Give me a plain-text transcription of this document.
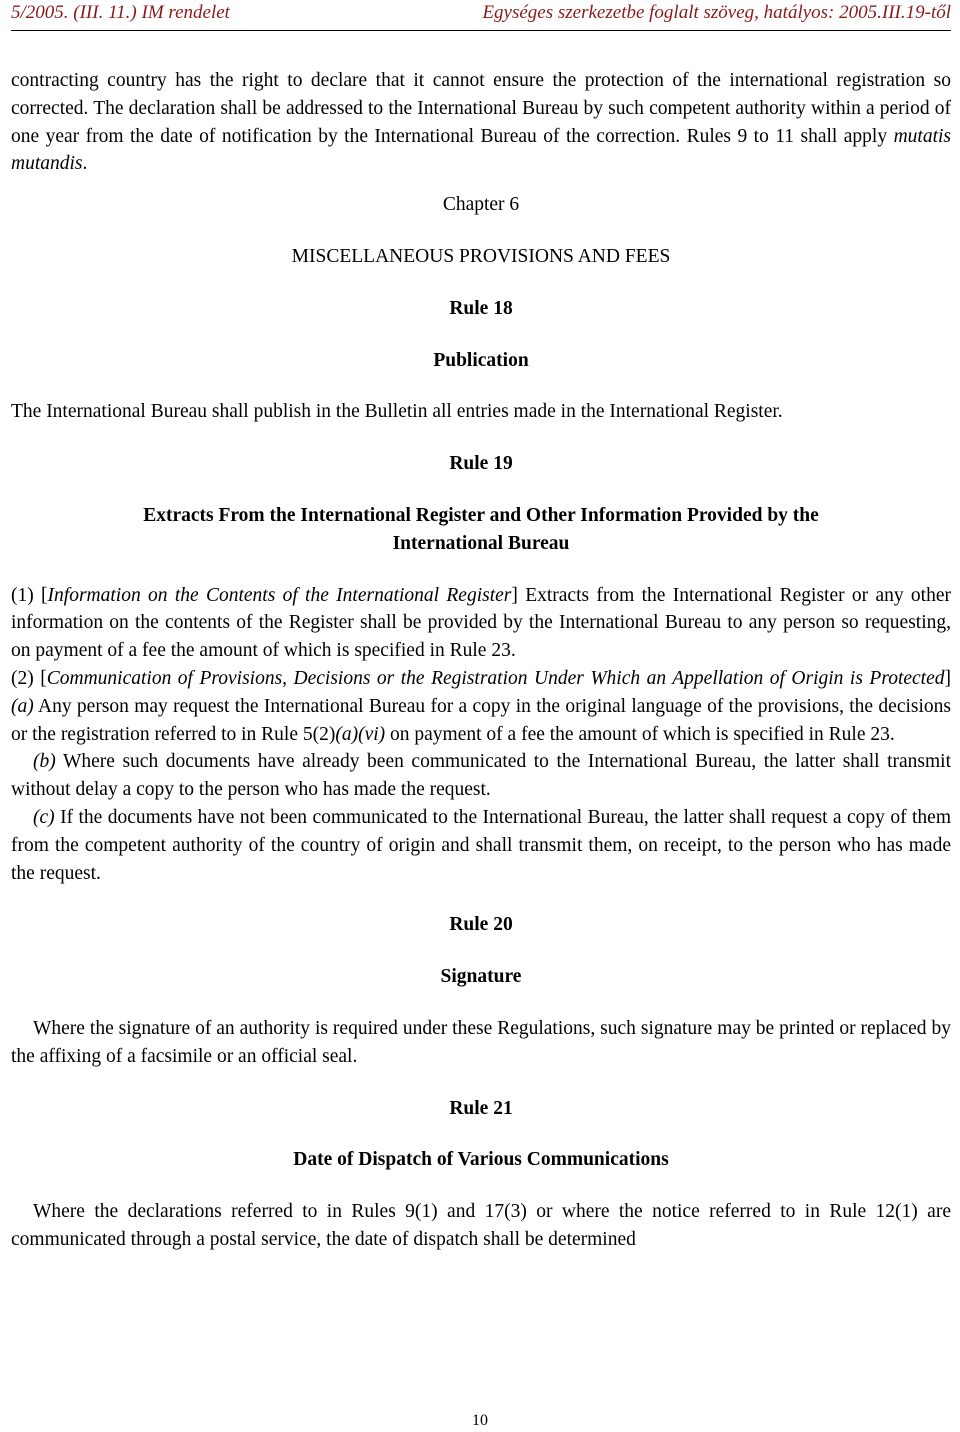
5/2005. (III. 11.) IM rendelet	Egységes szerkezetbe foglalt szöveg, hatályos: 2005.III.19-től

contracting country has the right to declare that it cannot ensure the protection of the international registration so corrected. The declaration shall be addressed to the International Bureau by such competent authority within a period of one year from the date of notification by the International Bureau of the correction. Rules 9 to 11 shall apply mutatis mutandis.

Chapter 6
MISCELLANEOUS PROVISIONS AND FEES
Rule 18
Publication

The International Bureau shall publish in the Bulletin all entries made in the International Register.

Rule 19
Extracts From the International Register and Other Information Provided by the
International Bureau

(1) [Information on the Contents of the International Register] Extracts from the International Register or any other information on the contents of the Register shall be provided by the International Bureau to any person so requesting, on payment of a fee the amount of which is specified in Rule 23.

(2) [Communication of Provisions, Decisions or the Registration Under Which an Appellation of Origin is Protected] (a) Any person may request the International Bureau for a copy in the original language of the provisions, the decisions or the registration referred to in Rule 5(2)(a)(vi) on payment of a fee the amount of which is specified in Rule 23.

(b) Where such documents have already been communicated to the International Bureau, the latter shall transmit without delay a copy to the person who has made the request.

(c) If the documents have not been communicated to the International Bureau, the latter shall request a copy of them from the competent authority of the country of origin and shall transmit them, on receipt, to the person who has made the request.

Rule 20
Signature

Where the signature of an authority is required under these Regulations, such signature may be printed or replaced by the affixing of a facsimile or an official seal.

Rule 21
Date of Dispatch of Various Communications

Where the declarations referred to in Rules 9(1) and 17(3) or where the notice referred to in Rule 12(1) are communicated through a postal service, the date of dispatch shall be determined

10
